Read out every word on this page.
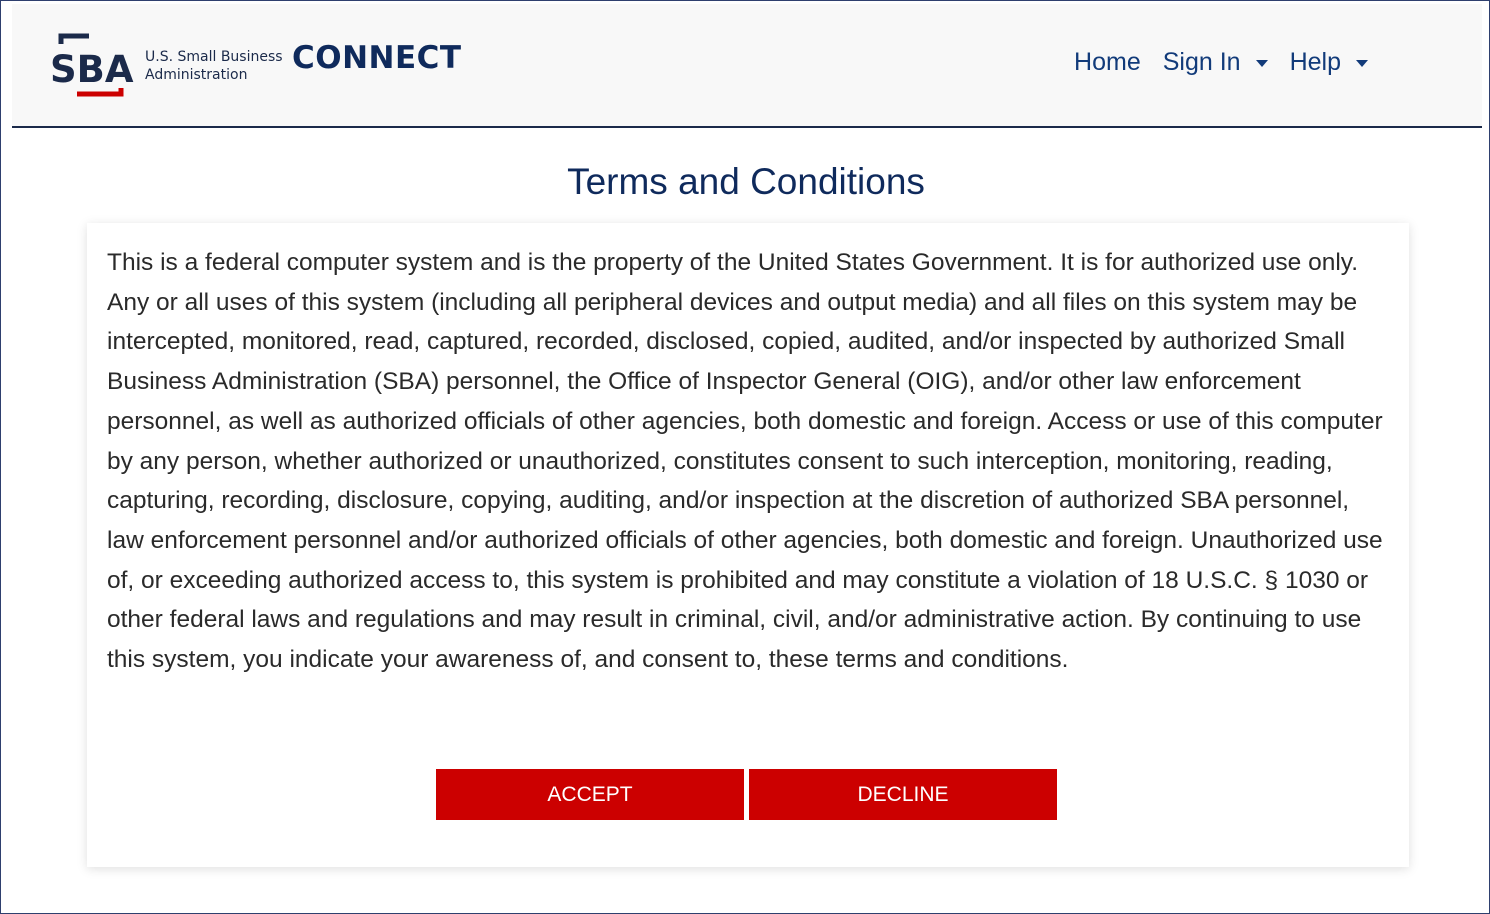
SBA U.S. Small Business
Administration	CONNECT	Home Sign In Help
Terms and Conditions

This is a federal computer system and is the property of the United States Government. It is for authorized use only. Any or all uses of this system (including all peripheral devices and output media) and all files on this system may be intercepted, monitored, read, captured, recorded, disclosed, copied, audited, and/or inspected by authorized Small Business Administration (SBA) personnel, the Office of Inspector General (OIG), and/or other law enforcement personnel, as well as authorized officials of other agencies, both domestic and foreign. Access or use of this computer by any person, whether authorized or unauthorized, constitutes consent to such interception, monitoring, reading, capturing, recording, disclosure, copying, auditing, and/or inspection at the discretion of authorized SBA personnel, law enforcement personnel and/or authorized officials of other agencies, both domestic and foreign. Unauthorized use of, or exceeding authorized access to, this system is prohibited and may constitute a violation of 18 U.S.C. § 1030 or other federal laws and regulations and may result in criminal, civil, and/or administrative action. By continuing to use this system, you indicate your awareness of, and consent to, these terms and conditions.

ACCEPT	DECLINE
